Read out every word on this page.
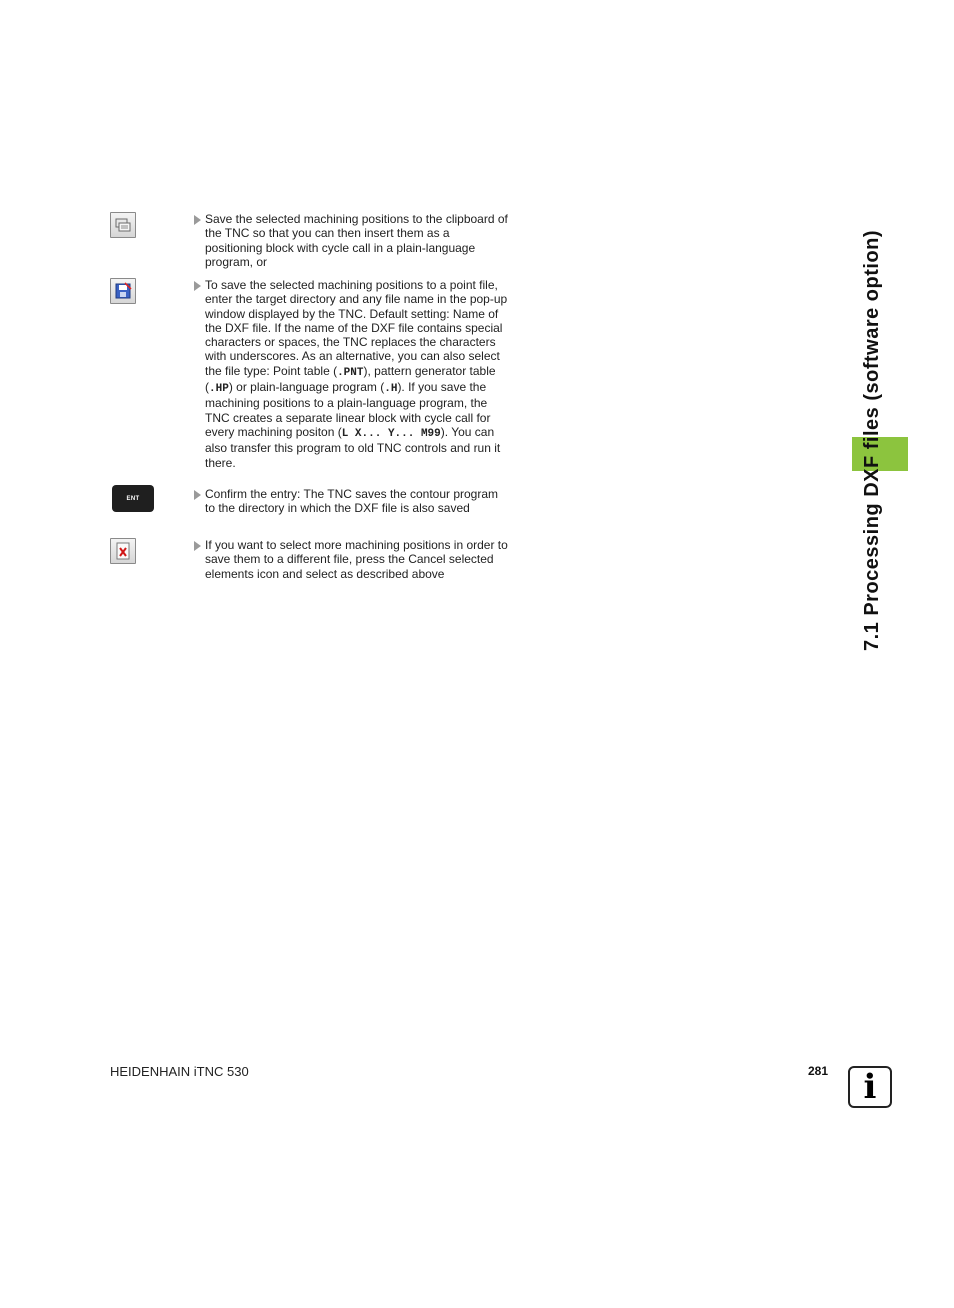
7.1 Processing DXF files (software option)
Save the selected machining positions to the clipboard of the TNC so that you can then insert them as a positioning block with cycle call in a plain-language program, or
To save the selected machining positions to a point file, enter the target directory and any file name in the pop-up window displayed by the TNC. Default setting: Name of the DXF file. If the name of the DXF file contains special characters or spaces, the TNC replaces the characters with underscores. As an alternative, you can also select the file type: Point table (.PNT), pattern generator table (.HP) or plain-language program (.H). If you save the machining positions to a plain-language program, the TNC creates a separate linear block with cycle call for every machining positon (L X... Y... M99). You can also transfer this program to old TNC controls and run it there.
ENT	Confirm the entry: The TNC saves the contour program to the directory in which the DXF file is also saved
If you want to select more machining positions in order to save them to a different file, press the Cancel selected elements icon and select as described above
HEIDENHAIN iTNC 530	281	i
